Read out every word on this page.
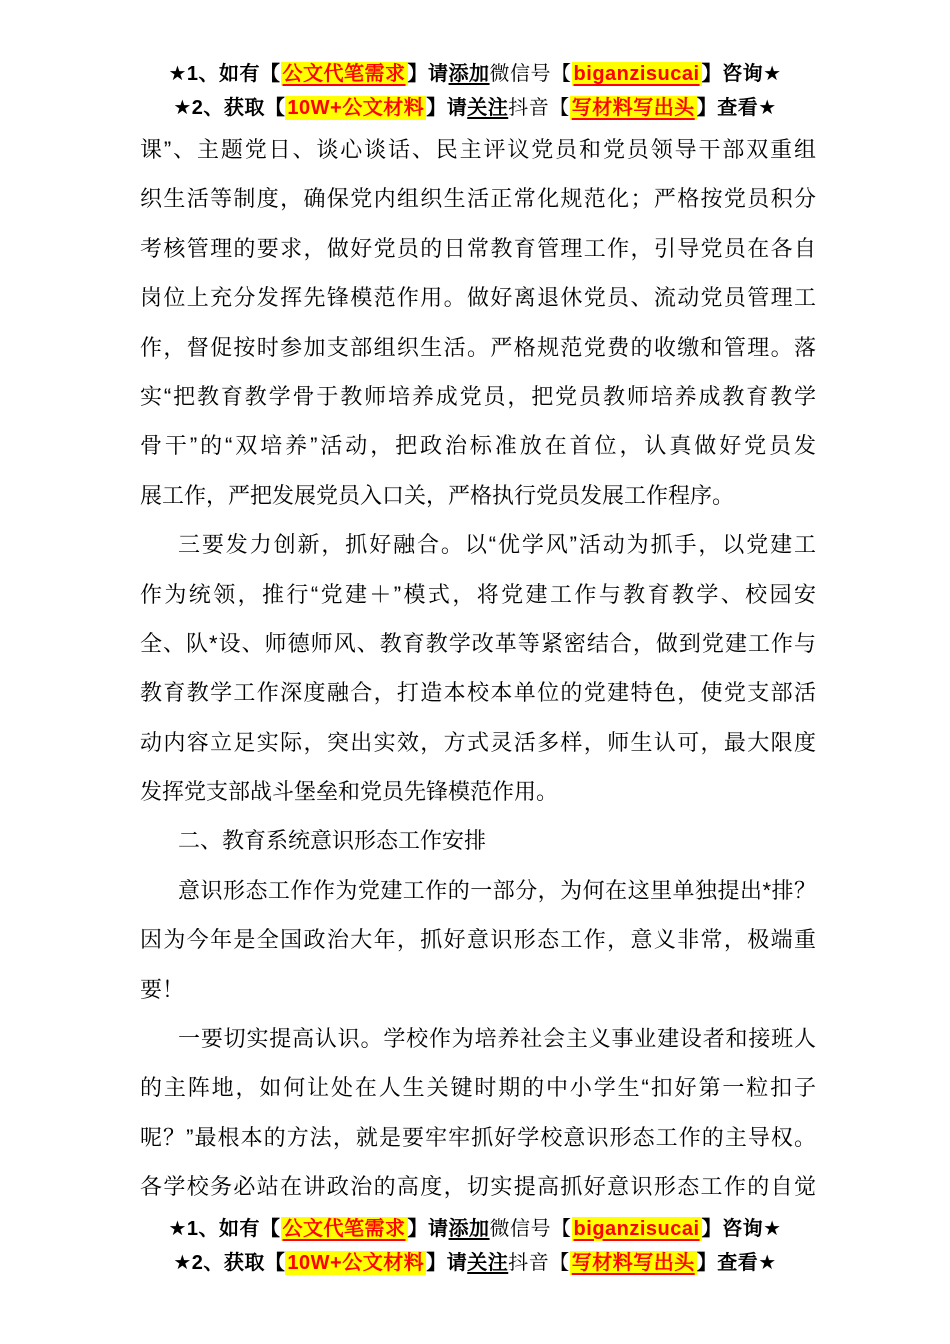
★1、如有【 公文代笔需求 】请添加微信号【 biganzisucai 】咨询★
★2、获取【 10W+公文材料 】请关注抖音【 写材料写出头 】查看★
课”、主题党日、谈心谈话、民主评议党员和党员领导干部双重组
织生活等制度，确保党内组织生活正常化规范化；严格按党员积分
考核管理的要求，做好党员的日常教育管理工作，引导党员在各自
岗位上充分发挥先锋模范作用。做好离退休党员、流动党员管理工
作，督促按时参加支部组织生活。严格规范党费的收缴和管理。落
实“把教育教学骨于教师培养成党员，把党员教师培养成教育教学
骨干”的“双培养”活动，把政治标准放在首位，认真做好党员发
展工作，严把发展党员入口关，严格执行党员发展工作程序。
三要发力创新，抓好融合。以“优学风”活动为抓手，以党建工
作为统领，推行“党建＋”模式，将党建工作与教育教学、校园安
全、队*设、师德师风、教育教学改革等紧密结合，做到党建工作与
教育教学工作深度融合，打造本校本单位的党建特色，使党支部活
动内容立足实际，突出实效，方式灵活多样，师生认可，最大限度
发挥党支部战斗堡垒和党员先锋模范作用。
二、教育系统意识形态工作安排
意识形态工作作为党建工作的一部分，为何在这里单独提出*排？
因为今年是全国政治大年，抓好意识形态工作，意义非常，极端重
要！
一要切实提高认识。学校作为培养社会主义事业建设者和接班人
的主阵地，如何让处在人生关键时期的中小学生“扣好第一粒扣子
呢？”最根本的方法，就是要牢牢抓好学校意识形态工作的主导权。
各学校务必站在讲政治的高度，切实提高抓好意识形态工作的自觉
★1、如有【 公文代笔需求 】请添加微信号【 biganzisucai 】咨询★
★2、获取【 10W+公文材料 】请关注抖音【 写材料写出头 】查看★
